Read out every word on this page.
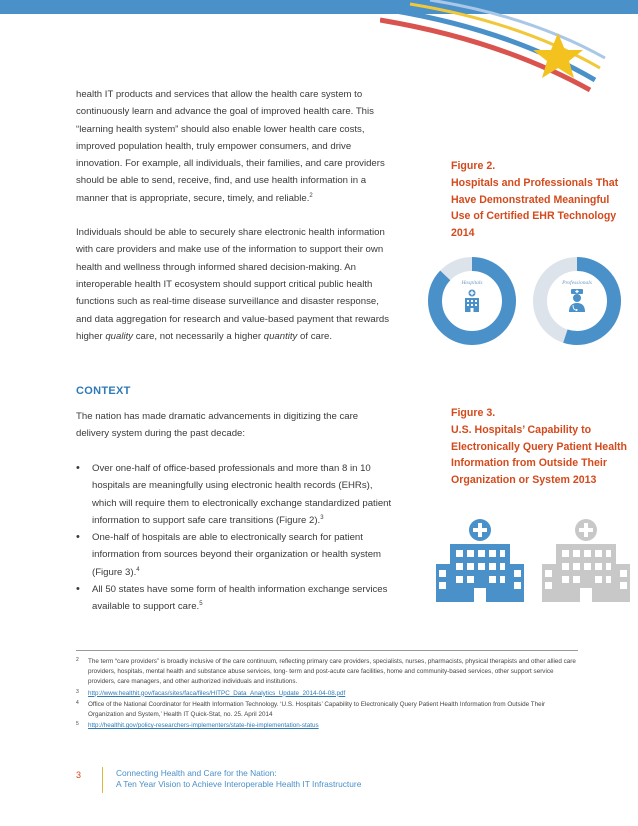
health IT products and services that allow the health care system to continuously learn and advance the goal of improved health care. This “learning health system” should also enable lower health care costs, improved population health, truly empower consumers, and drive innovation. For example, all individuals, their families, and care providers should be able to send, receive, find, and use health information in a manner that is appropriate, secure, timely, and reliable.$^2$

Individuals should be able to securely share electronic health information with care providers and make use of the information to support their own health and wellness through informed shared decision-making. An interoperable health IT ecosystem should support critical public health functions such as real-time disease surveillance and disaster response, and data aggregation for research and value-based payment that rewards higher quality care, not necessarily a higher quantity of care.

CONTEXT
The nation has made dramatic advancements in digitizing the care delivery system during the past decade:
• Over one-half of office-based professionals and more than 8 in 10 hospitals are meaningfully using electronic health records (EHRs), which will require them to electronically exchange standardized patient information to support safe care transitions (Figure 2).$^3$
• One-half of hospitals are able to electronically search for patient information from sources beyond their organization or health system (Figure 3).$^4$
• All 50 states have some form of health information exchange services available to support care.$^5$
Figure 2.
Hospitals and Professionals That Have Demonstrated Meaningful Use of Certified EHR Technology 2014
Hospitals	Professionals
Figure 3.
U.S. Hospitals’ Capability to Electronically Query Patient Health Information from Outside Their Organization or System 2013
2 The term “care providers” is broadly inclusive of the care continuum, reflecting primary care providers, specialists, nurses, pharmacists, physical therapists and other allied care providers, hospitals, mental health and substance abuse services, long- term and post-acute care facilities, home and community-based services, other support service providers, care managers, and other authorized individuals and institutions.
3 http://www.healthit.gov/facas/sites/faca/files/HITPC_Data_Analytics_Update_2014-04-08.pdf
4 Office of the National Coordinator for Health Information Technology. ‘U.S. Hospitals’ Capability to Electronically Query Patient Health Information from Outside Their Organization and System,’ Health IT Quick-Stat, no. 25. April 2014
5 http://healthit.gov/policy-researchers-implementers/state-hie-implementation-status
3	Connecting Health and Care for the Nation:
A Ten Year Vision to Achieve Interoperable Health IT Infrastructure
